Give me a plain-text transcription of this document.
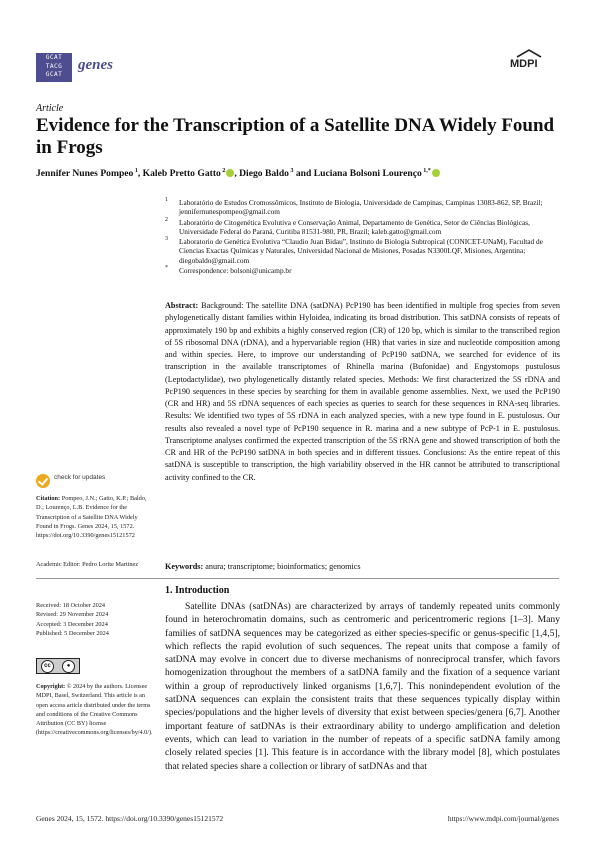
GCAT
TACG
GCAT
genes	MDPI
Article
Evidence for the Transcription of a Satellite DNA Widely Found in Frogs
Jennifer Nunes Pompeo $^1$, Kaleb Pretto Gatto $^2$ , Diego Baldo $^3$ and Luciana Bolsoni Lourenço $^{1,*}$
1 Laboratório de Estudos Cromossômicos, Instituto de Biologia, Universidade de Campinas, Campinas 13083-862, SP, Brazil; jennifernunespompeo@gmail.com
2 Laboratório de Citogenética Evolutiva e Conservação Animal, Departamento de Genética, Setor de Ciências Biológicas, Universidade Federal do Paraná, Curitiba 81531-980, PR, Brazil; kaleb.gatto@gmail.com
3 Laboratorio de Genética Evolutiva “Claudio Juan Bidau”, Instituto de Biología Subtropical (CONICET-UNaM), Facultad de Ciencias Exactas Químicas y Naturales, Universidad Nacional de Misiones, Posadas N3300LQF, Misiones, Argentina; diegobaldo@gmail.com
* Correspondence: bolsoni@unicamp.br
Abstract: Background: The satellite DNA (satDNA) PcP190 has been identified in multiple frog species from seven phylogenetically distant families within Hyloidea, indicating its broad distribution. This satDNA consists of repeats of approximately 190 bp and exhibits a highly conserved region (CR) of 120 bp, which is similar to the transcribed region of 5S ribosomal DNA (rDNA), and a hypervariable region (HR) that varies in size and nucleotide composition among and within species. Here, to improve our understanding of PcP190 satDNA, we searched for evidence of its transcription in the available transcriptomes of Rhinella marina (Bufonidae) and Engystomops pustulosus (Leptodactylidae), two phylogenetically distantly related species. Methods: We first characterized the 5S rDNA and PcP190 sequences in these species by searching for them in available genome assemblies. Next, we used the PcP190 (CR and HR) and 5S rDNA sequences of each species as queries to search for these sequences in RNA-seq libraries. Results: We identified two types of 5S rDNA in each analyzed species, with a new type found in E. pustulosus. Our results also revealed a novel type of PcP190 sequence in R. marina and a new subtype of PcP-1 in E. pustulosus. Transcriptome analyses confirmed the expected transcription of the 5S rRNA gene and showed transcription of both the CR and HR of the PcP190 satDNA in both species and in different tissues. Conclusions: As the entire repeat of this satDNA is susceptible to transcription, the high variability observed in the HR cannot be attributed to transcriptional activity confined to the CR.
Keywords: anura; transcriptome; bioinformatics; genomics
check for updates
Citation: Pompeo, J.N.; Gatto, K.P.; Baldo, D.; Lourenço, L.B. Evidence for the Transcription of a Satellite DNA Widely Found in Frogs. Genes 2024, 15, 1572. https://doi.org/10.3390/genes15121572
Academic Editor: Pedro Lorite Martinez
Received: 18 October 2024
Revised: 29 November 2024
Accepted: 3 December 2024
Published: 5 December 2024
cc	●
Copyright: © 2024 by the authors. Licensee MDPI, Basel, Switzerland. This article is an open access article distributed under the terms and conditions of the Creative Commons Attribution (CC BY) license (https://creativecommons.org/licenses/by/4.0/).
1. Introduction
Satellite DNAs (satDNAs) are characterized by arrays of tandemly repeated units commonly found in heterochromatin domains, such as centromeric and pericentromeric regions [1–3]. Many families of satDNA sequences may be categorized as either species-specific or genus-specific [1,4,5], which reflects the rapid evolution of such sequences. The repeat units that compose a family of satDNA may evolve in concert due to diverse mechanisms of nonreciprocal transfer, which favors homogenization throughout the members of a satDNA family and the fixation of a sequence variant within a group of reproductively linked organisms [1,6,7]. This nonindependent evolution of the satDNA sequences can explain the consistent traits that these sequences typically display within species/populations and the higher levels of diversity that exist between species/genera [6,7]. Another important feature of satDNAs is their extraordinary ability to undergo amplification and deletion events, which can lead to variation in the number of repeats of a specific satDNA family among closely related species [1]. This feature is in accordance with the library model [8], which postulates that related species share a collection or library of satDNAs and that
Genes 2024, 15, 1572. https://doi.org/10.3390/genes15121572	https://www.mdpi.com/journal/genes
